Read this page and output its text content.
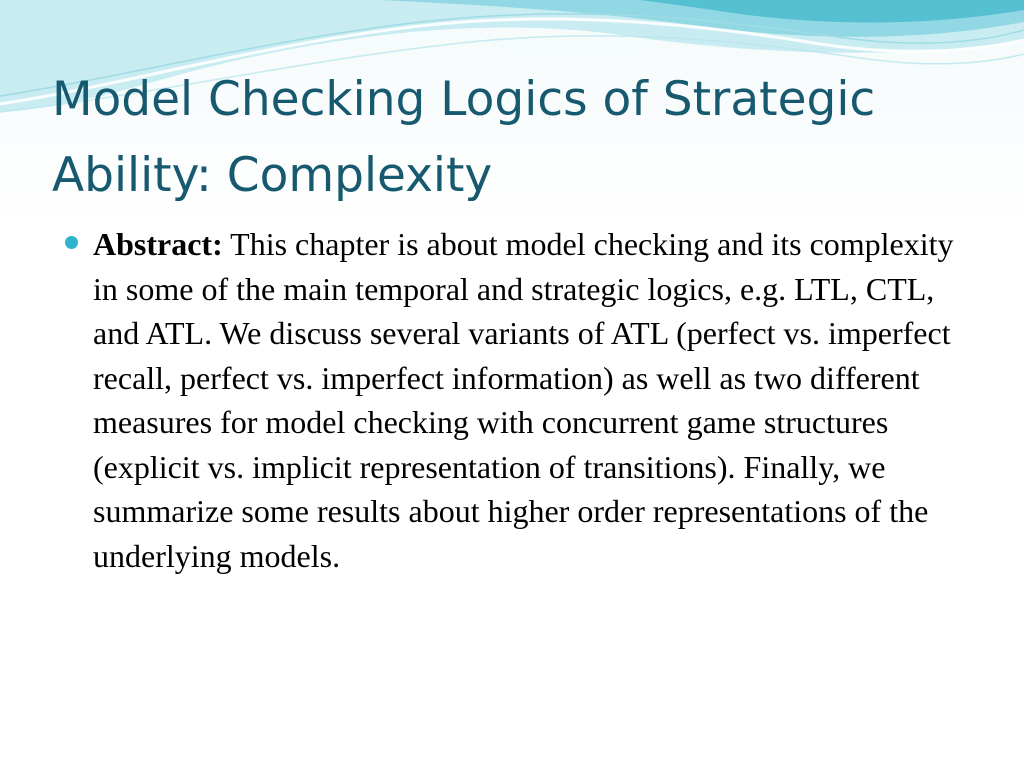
Model Checking Logics of Strategic Ability: Complexity
Abstract: This chapter is about model checking and its complexity in some of the main temporal and strategic logics, e.g. LTL, CTL, and ATL. We discuss several variants of ATL (perfect vs. imperfect recall, perfect vs. imperfect information) as well as two different measures for model checking with concurrent game structures (explicit vs. implicit representation of transitions). Finally, we summarize some results about higher order representations of the underlying models.
